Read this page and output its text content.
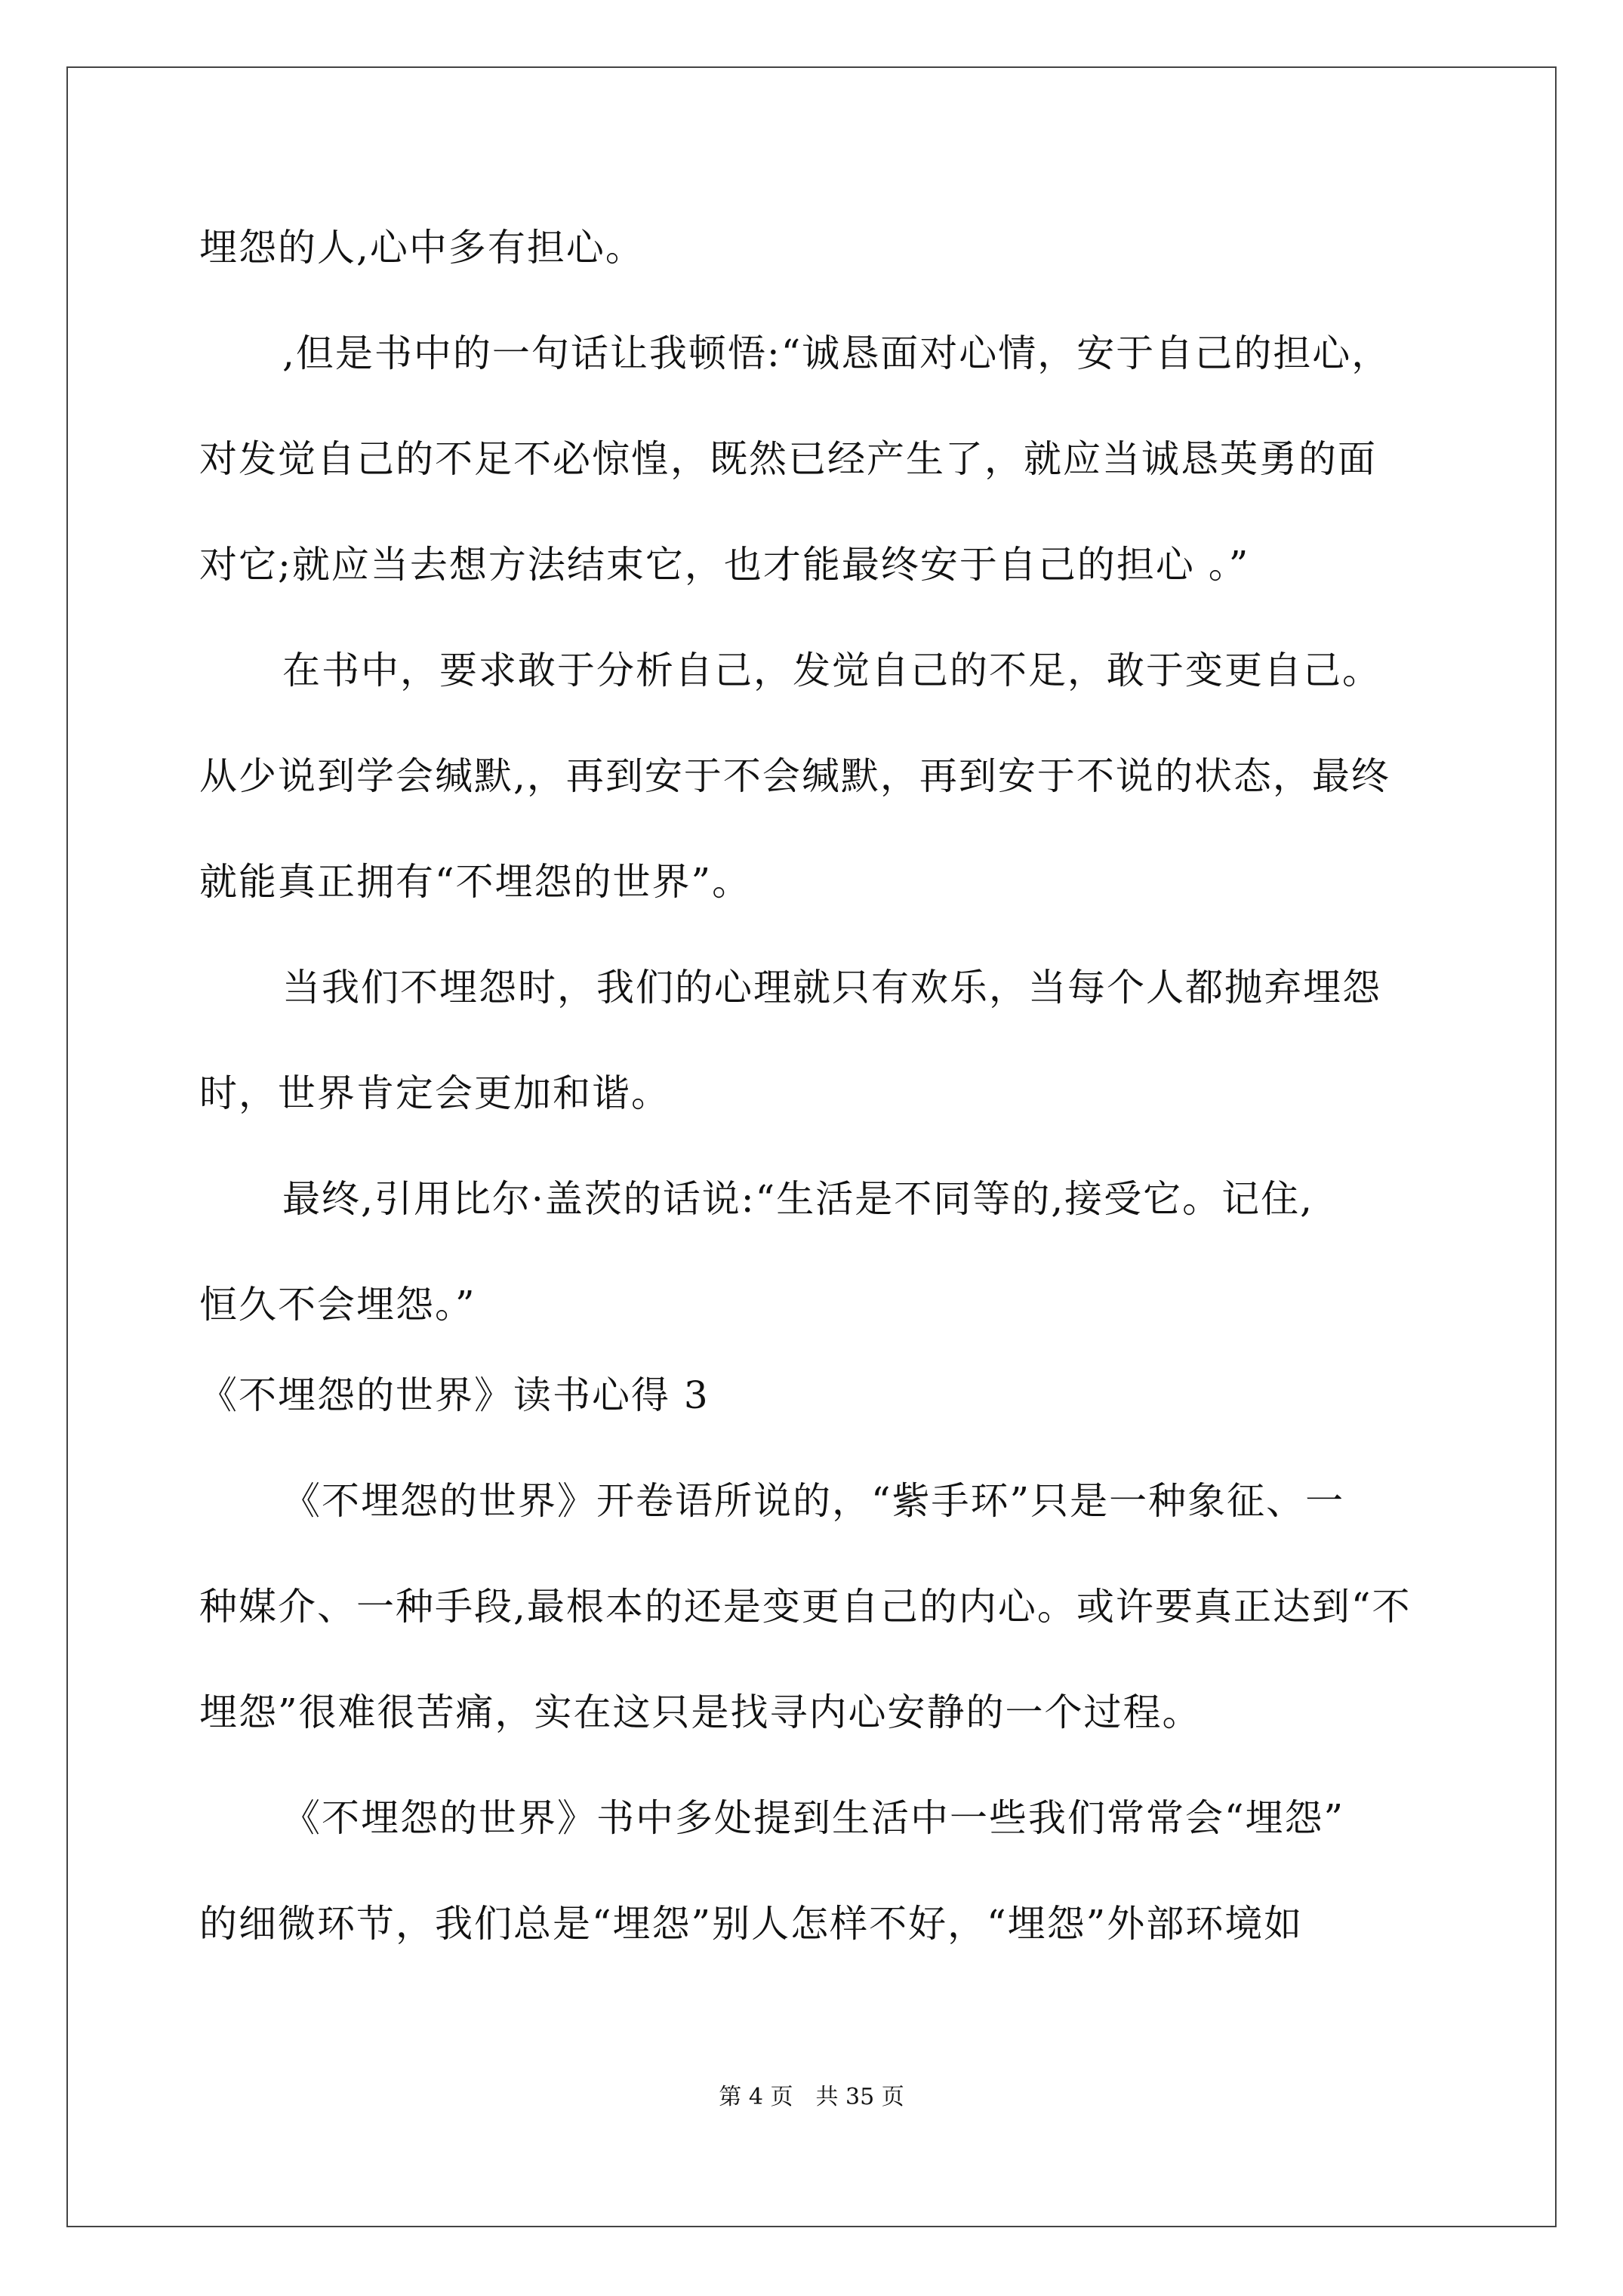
埋怨的人,心中多有担心。
,但是书中的一句话让我顿悟:“诚恳面对心情，安于自己的担心，
对发觉自己的不足不必惊惶，既然已经产生了，就应当诚恳英勇的面
对它;就应当去想方法结束它，也才能最终安于自己的担心 。”
在书中，要求敢于分析自己，发觉自己的不足，敢于变更自己。
从少说到学会缄默,，再到安于不会缄默，再到安于不说的状态，最终
就能真正拥有“不埋怨的世界”。
当我们不埋怨时，我们的心理就只有欢乐，当每个人都抛弃埋怨
时，世界肯定会更加和谐。
最终,引用比尔·盖茨的话说:“生活是不同等的,接受它。记住,
恒久不会埋怨。”
《不埋怨的世界》读书心得 3
《不埋怨的世界》开卷语所说的，“紫手环”只是一种象征、一
种媒介、一种手段,最根本的还是变更自己的内心。或许要真正达到“不
埋怨”很难很苦痛，实在这只是找寻内心安静的一个过程。
《不埋怨的世界》书中多处提到生活中一些我们常常会“埋怨”
的细微环节，我们总是“埋怨”别人怎样不好，“埋怨”外部环境如
第 4 页　共 35 页
